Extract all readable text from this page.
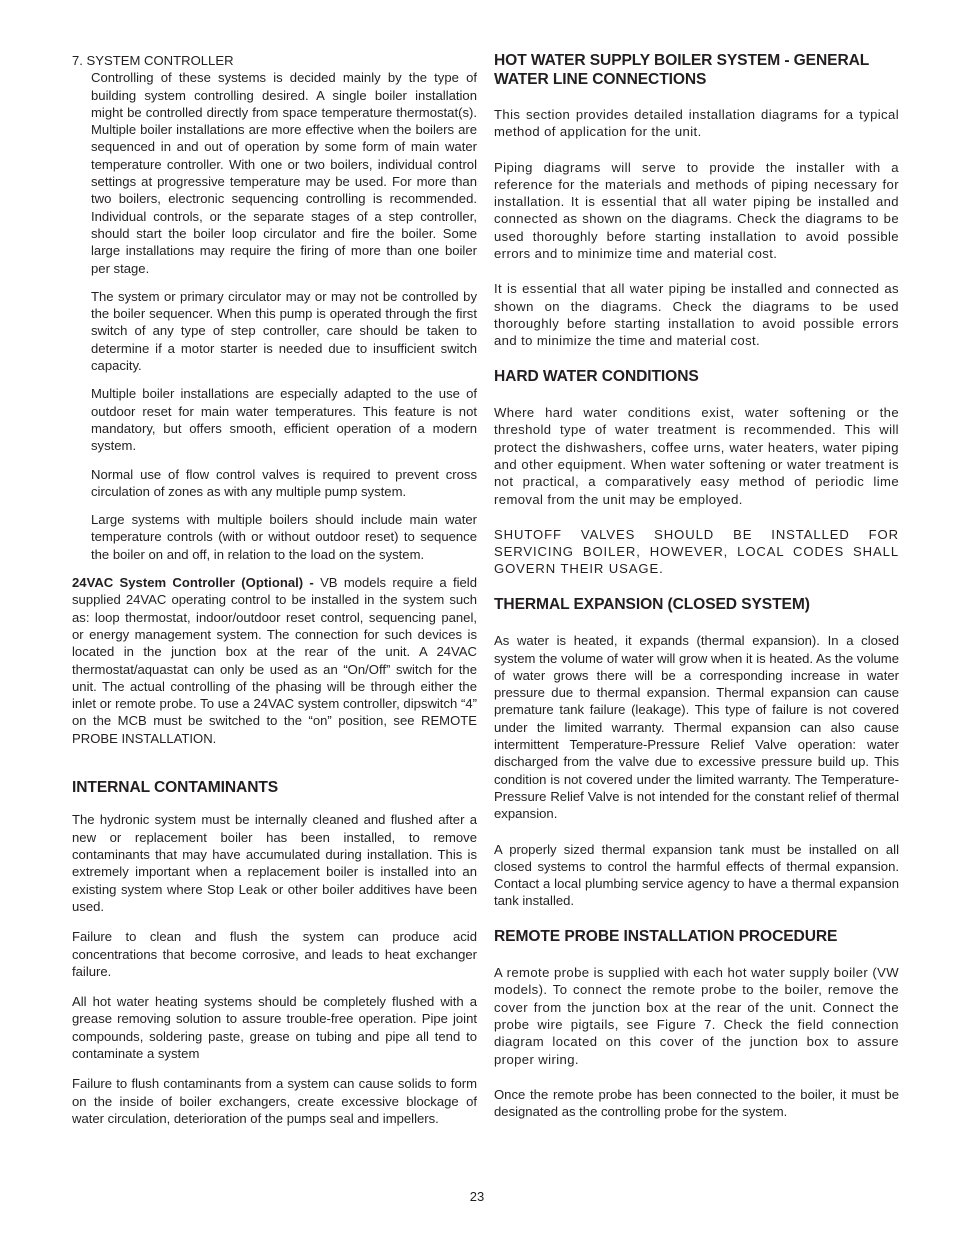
7. SYSTEM CONTROLLER

Controlling of these systems is decided mainly by the type of building system controlling desired. A single boiler installation might be controlled directly from space temperature thermostat(s). Multiple boiler installations are more effective when the boilers are sequenced in and out of operation by some form of main water temperature controller. With one or two boilers, individual control settings at progressive temperature may be used. For more than two boilers, electronic sequencing controlling is recommended. Individual controls, or the separate stages of a step controller, should start the boiler loop circulator and fire the boiler. Some large installations may require the firing of more than one boiler per stage.

The system or primary circulator may or may not be controlled by the boiler sequencer. When this pump is operated through the first switch of any type of step controller, care should be taken to determine if a motor starter is needed due to insufficient switch capacity.

Multiple boiler installations are especially adapted to the use of outdoor reset for main water temperatures. This feature is not mandatory, but offers smooth, efficient operation of a modern system.

Normal use of flow control valves is required to prevent cross circulation of zones as with any multiple pump system.

Large systems with multiple boilers should include main water temperature controls (with or without outdoor reset) to sequence the boiler on and off, in relation to the load on the system.

24VAC System Controller (Optional) - VB models require a field supplied 24VAC operating control to be installed in the system such as: loop thermostat, indoor/outdoor reset control, sequencing panel, or energy management system. The connection for such devices is located in the junction box at the rear of the unit. A 24VAC thermostat/aquastat can only be used as an “On/Off” switch for the unit. The actual controlling of the phasing will be through either the inlet or remote probe. To use a 24VAC system controller, dipswitch “4” on the MCB must be switched to the “on” position, see REMOTE PROBE INSTALLATION.

INTERNAL CONTAMINANTS

The hydronic system must be internally cleaned and flushed after a new or replacement boiler has been installed, to remove contaminants that may have accumulated during installation. This is extremely important when a replacement boiler is installed into an existing system where Stop Leak or other boiler additives have been used.

Failure to clean and flush the system can produce acid concentrations that become corrosive, and leads to heat exchanger failure.

All hot water heating systems should be completely flushed with a grease removing solution to assure trouble-free operation. Pipe joint compounds, soldering paste, grease on tubing and pipe all tend to contaminate a system

Failure to flush contaminants from a system can cause solids to form on the inside of boiler exchangers, create excessive blockage of water circulation, deterioration of the pumps seal and impellers.

HOT WATER SUPPLY BOILER SYSTEM - GENERAL WATER LINE CONNECTIONS

This section provides detailed installation diagrams for a typical method of application for the unit.

Piping diagrams will serve to provide the installer with a reference for the materials and methods of piping necessary for installation. It is essential that all water piping be installed and connected as shown on the diagrams. Check the diagrams to be used thoroughly before starting installation to avoid possible errors and to minimize time and material cost.

It is essential that all water piping be installed and connected as shown on the diagrams. Check the diagrams to be used thoroughly before starting installation to avoid possible errors and to minimize the time and material cost.

HARD WATER CONDITIONS

Where hard water conditions exist, water softening or the threshold type of water treatment is recommended. This will protect the dishwashers, coffee urns, water heaters, water piping and other equipment. When water softening or water treatment is not practical, a comparatively easy method of periodic lime removal from the unit may be employed.

SHUTOFF VALVES SHOULD BE INSTALLED FOR SERVICING BOILER, HOWEVER, LOCAL CODES SHALL GOVERN THEIR USAGE.

THERMAL EXPANSION (CLOSED SYSTEM)

As water is heated, it expands (thermal expansion). In a closed system the volume of water will grow when it is heated. As the volume of water grows there will be a corresponding increase in water pressure due to thermal expansion. Thermal expansion can cause premature tank failure (leakage). This type of failure is not covered under the limited warranty. Thermal expansion can also cause intermittent Temperature-Pressure Relief Valve operation: water discharged from the valve due to excessive pressure build up. This condition is not covered under the limited warranty. The Temperature-Pressure Relief Valve is not intended for the constant relief of thermal expansion.

A properly sized thermal expansion tank must be installed on all closed systems to control the harmful effects of thermal expansion. Contact a local plumbing service agency to have a thermal expansion tank installed.

REMOTE PROBE INSTALLATION PROCEDURE

A remote probe is supplied with each hot water supply boiler (VW models). To connect the remote probe to the boiler, remove the cover from the junction box at the rear of the unit. Connect the probe wire pigtails, see Figure 7. Check the field connection diagram located on this cover of the junction box to assure proper wiring.

Once the remote probe has been connected to the boiler, it must be designated as the controlling probe for the system.

23
